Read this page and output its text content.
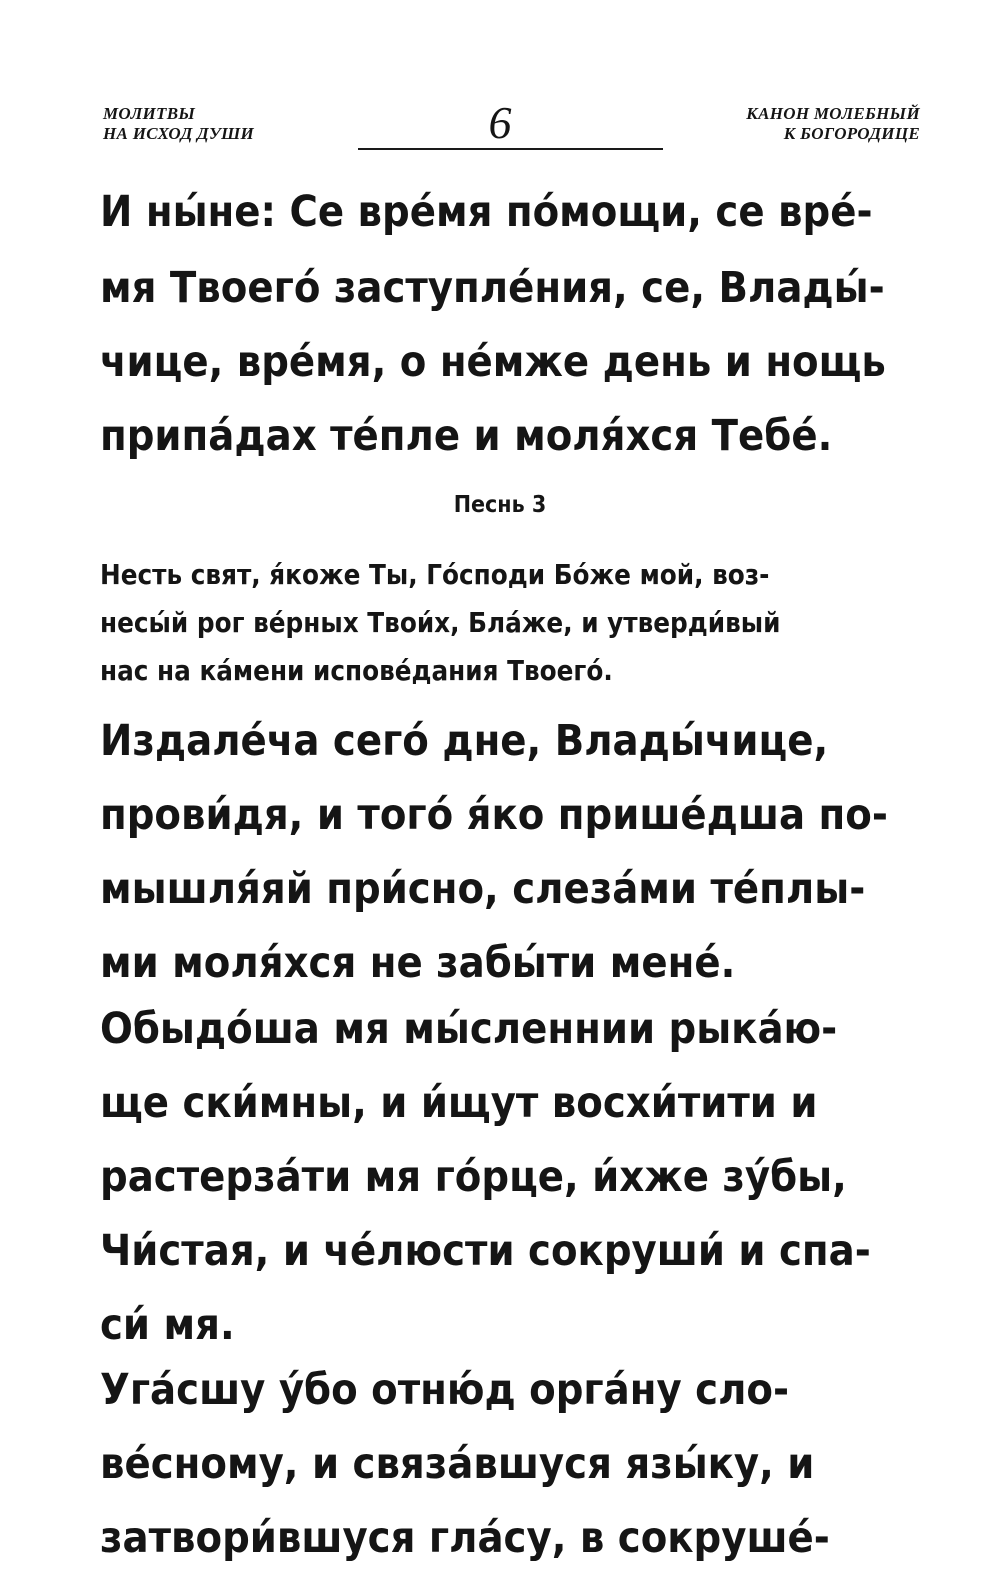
МОЛИТВЫ
НА ИСХОД ДУШИ	6	КАНОН МОЛЕБНЫЙ
К БОГОРОДИЦЕ
И ны́не: Се вре́мя по́мощи, се вре́-
мя Твоего́ заступле́ния, се, Влады́-
чице, вре́мя, о не́мже день и нощь
припа́дах те́пле и моля́хся Тебе́.
Песнь 3
Несть свят, я́коже Ты, Го́споди Бо́же мой, воз-
несы́й рог ве́рных Твои́х, Бла́же, и утверди́вый
нас на ка́мени испове́дания Твоего́.
Издале́ча сего́ дне, Влады́чице,
прови́дя, и того́ я́ко прише́дша по-
мышля́яй при́сно, слеза́ми те́плы-
ми моля́хся не забы́ти мене́.
Обыдо́ша мя мы́сленнии рыка́ю-
ще ски́мны, и и́щут восхи́тити и
растерза́ти мя го́рце, и́хже зу́бы,
Чи́стая, и че́люсти сокруши́ и спа-
си́ мя.
Уга́сшу у́бо отню́д орга́ну сло-
ве́сному, и связа́вшуся язы́ку, и
затвори́вшуся гла́су, в сокруше́-
